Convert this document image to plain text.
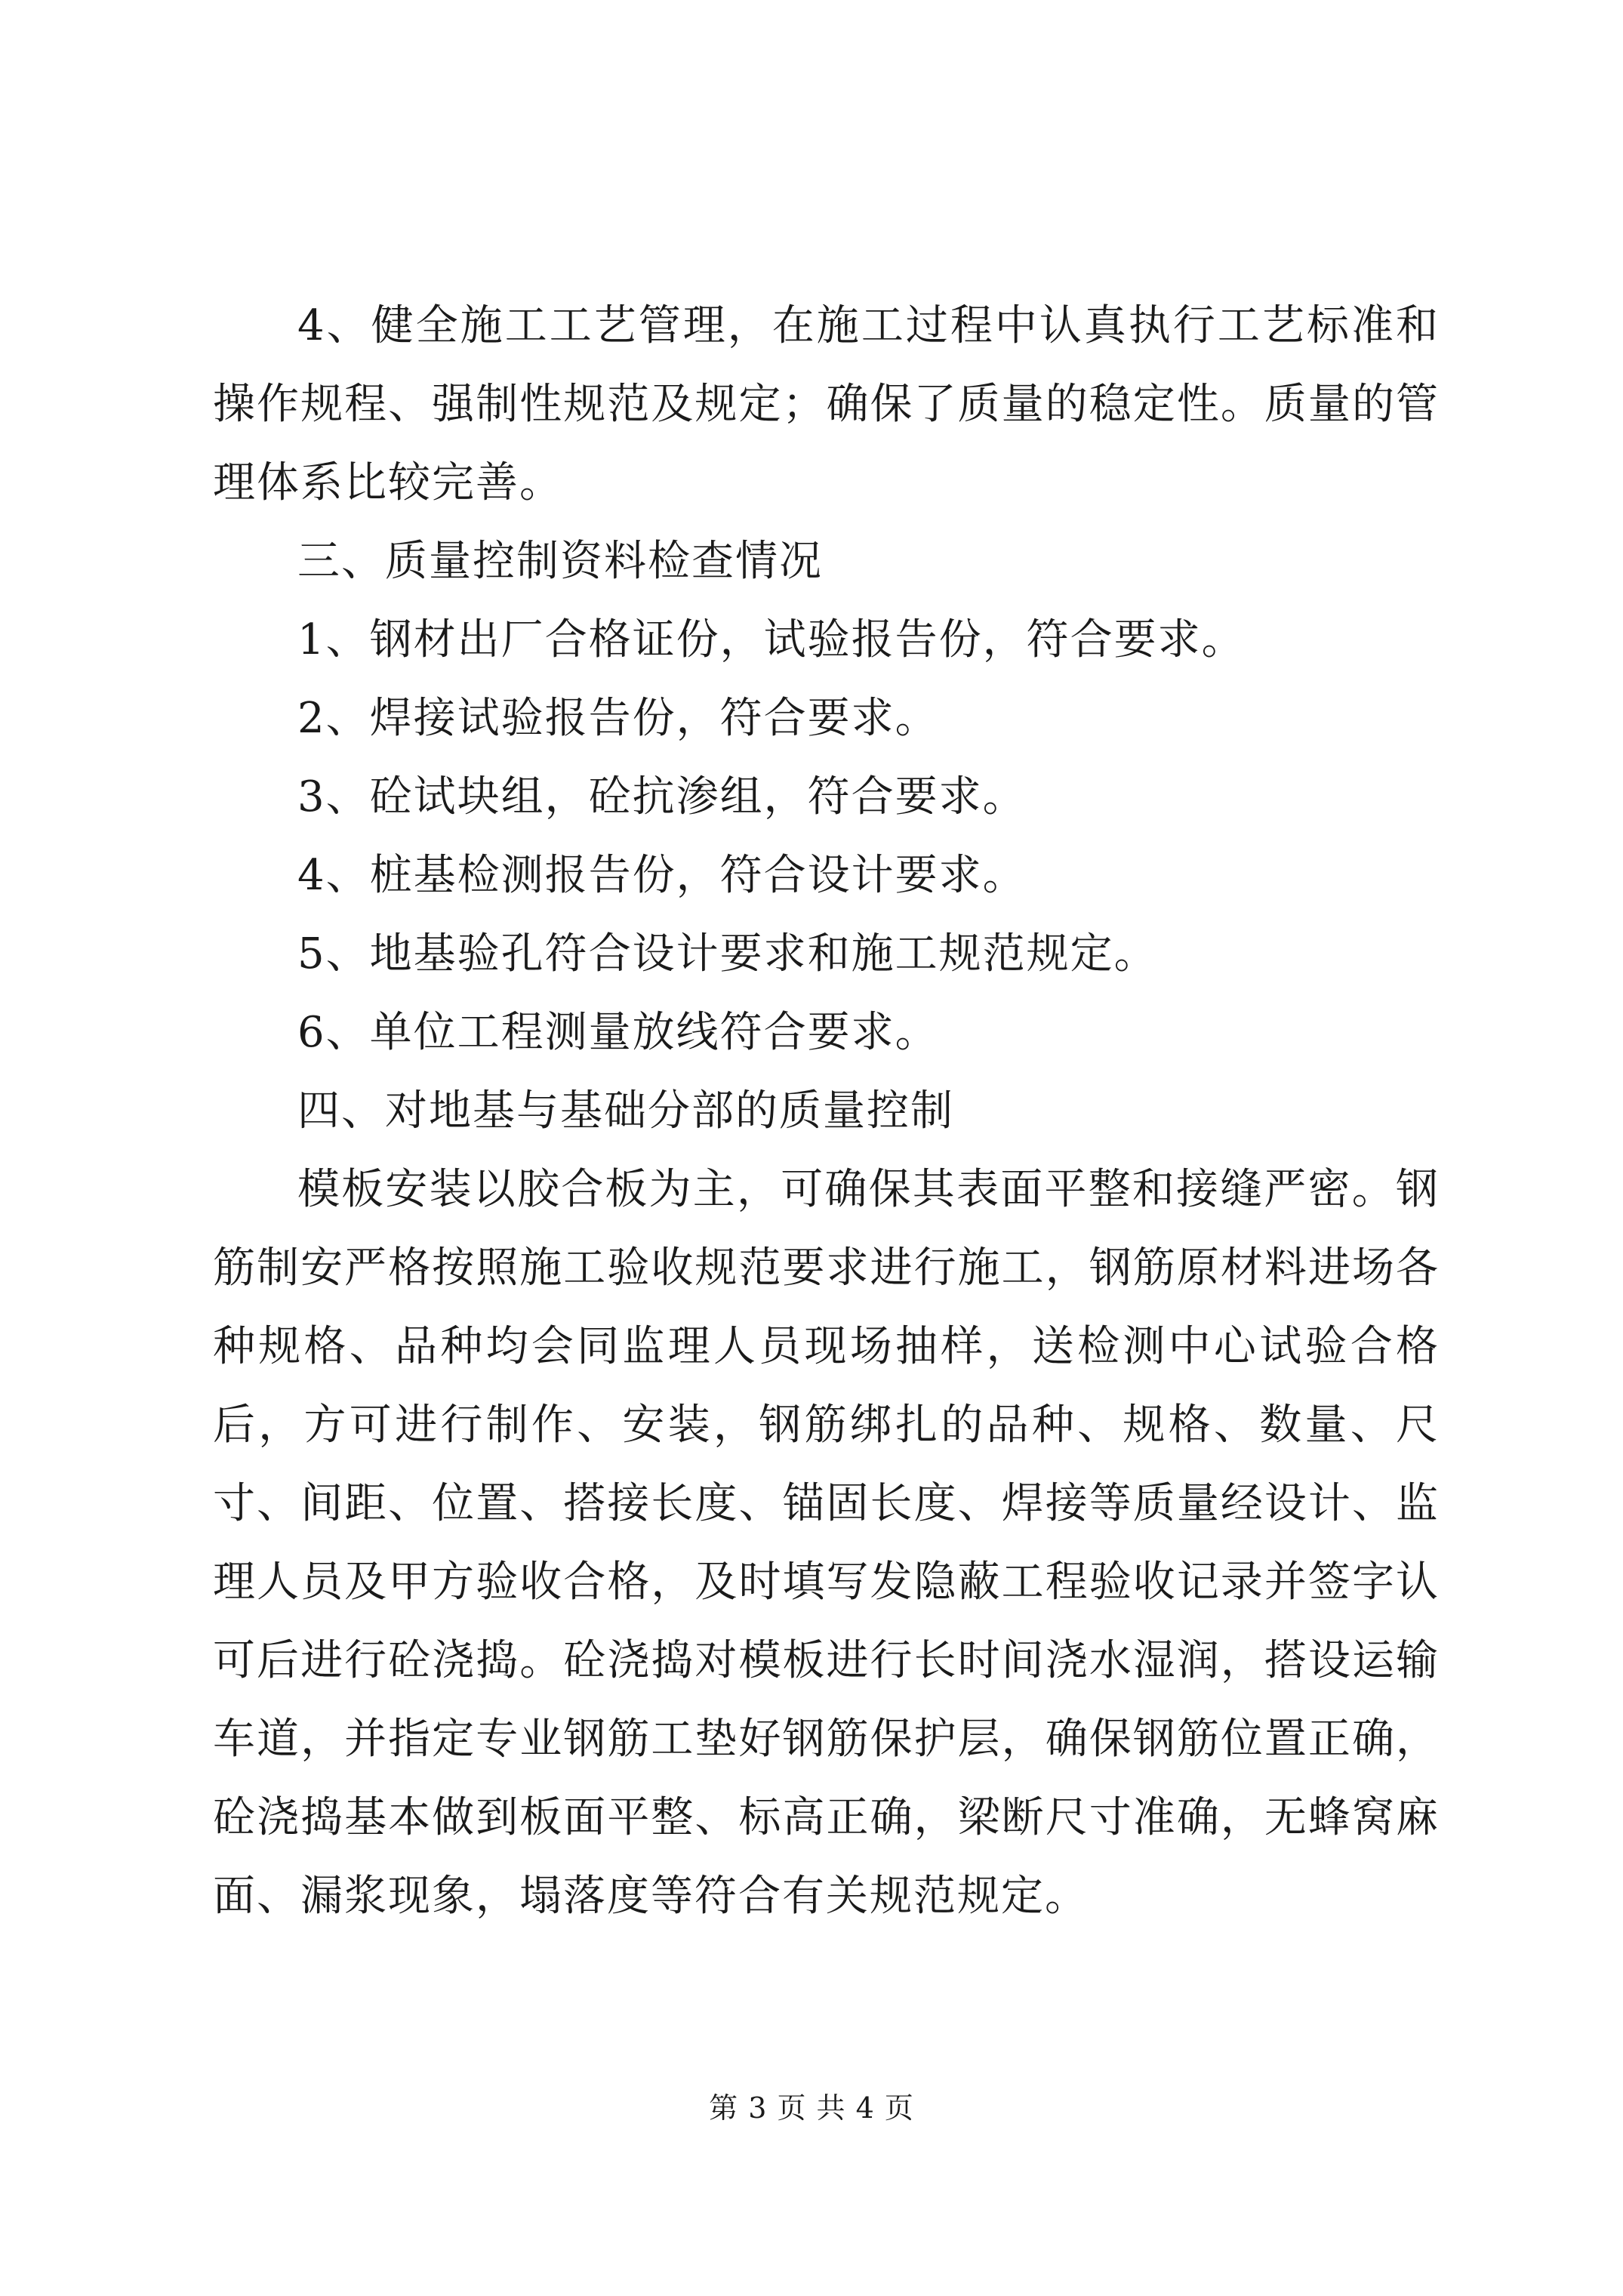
4、健全施工工艺管理，在施工过程中认真执行工艺标准和操作规程、强制性规范及规定；确保了质量的稳定性。质量的管理体系比较完善。

三、质量控制资料检查情况

1、钢材出厂合格证份，试验报告份，符合要求。

2、焊接试验报告份，符合要求。

3、砼试块组，砼抗渗组，符合要求。

4、桩基检测报告份，符合设计要求。

5、地基验孔符合设计要求和施工规范规定。

6、单位工程测量放线符合要求。

四、对地基与基础分部的质量控制

模板安装以胶合板为主，可确保其表面平整和接缝严密。钢筋制安严格按照施工验收规范要求进行施工，钢筋原材料进场各种规格、品种均会同监理人员现场抽样，送检测中心试验合格后，方可进行制作、安装，钢筋绑扎的品种、规格、数量、尺寸、间距、位置、搭接长度、锚固长度、焊接等质量经设计、监理人员及甲方验收合格，及时填写发隐蔽工程验收记录并签字认可后进行砼浇捣。砼浇捣对模板进行长时间浇水湿润，搭设运输车道，并指定专业钢筋工垫好钢筋保护层，确保钢筋位置正确，砼浇捣基本做到板面平整、标高正确，梁断尺寸准确，无蜂窝麻面、漏浆现象，塌落度等符合有关规范规定。

第 3 页 共 4 页
